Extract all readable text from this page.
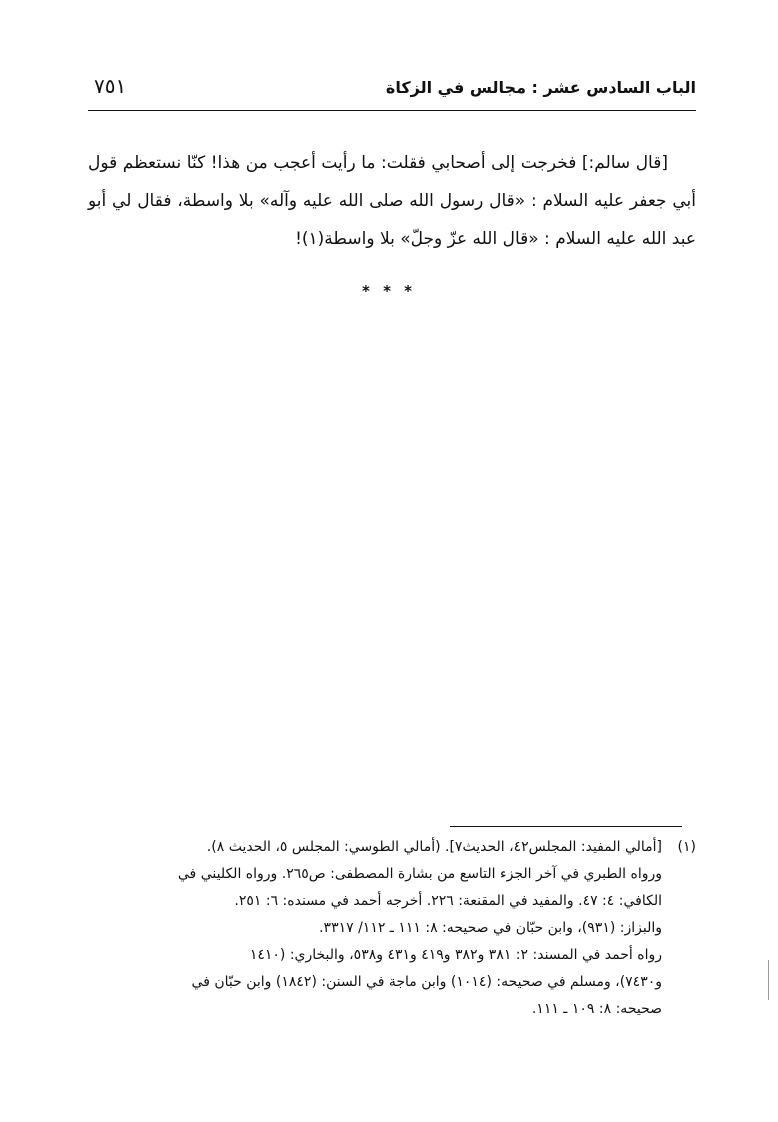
٧٥١	الباب السادس عشر : مجالس في الزكاة

[قال سالم:] فخرجت إلى أصحابي فقلت: ما رأيت أعجب من هذا! كنّا نستعظم قول أبي جعفر عليه السلام : «قال رسول الله صلى الله عليه وآله» بلا واسطة، فقال لي أبو عبد الله عليه السلام : «قال الله عزّ وجلّ» بلا واسطة(١)!

* * *
(١)
[أمالي المفيد: المجلس٤٢، الحديث٧]. (أمالي الطوسي: المجلس ٥، الحديث ٨).
ورواه الطبري في آخر الجزء التاسع من بشارة المصطفى: ص٢٦٥. ورواه الكليني في
الكافي: ٤: ٤٧. والمفيد في المقنعة: ٢٢٦. أخرجه أحمد في مسنده: ٦: ٢٥١.
والبزاز: (٩٣١)، وابن حبّان في صحيحه: ٨: ١١١ ـ ١١٢/ ٣٣١٧.
رواه أحمد في المسند: ٢: ٣٨١ و٣٨٢ و٤١٩ و٤٣١ و٥٣٨، والبخاري: (١٤١٠
و٧٤٣٠)، ومسلم في صحيحه: (١٠١٤) وابن ماجة في السنن: (١٨٤٢) وابن حبّان في
صحيحه: ٨: ١٠٩ ـ ١١١.
